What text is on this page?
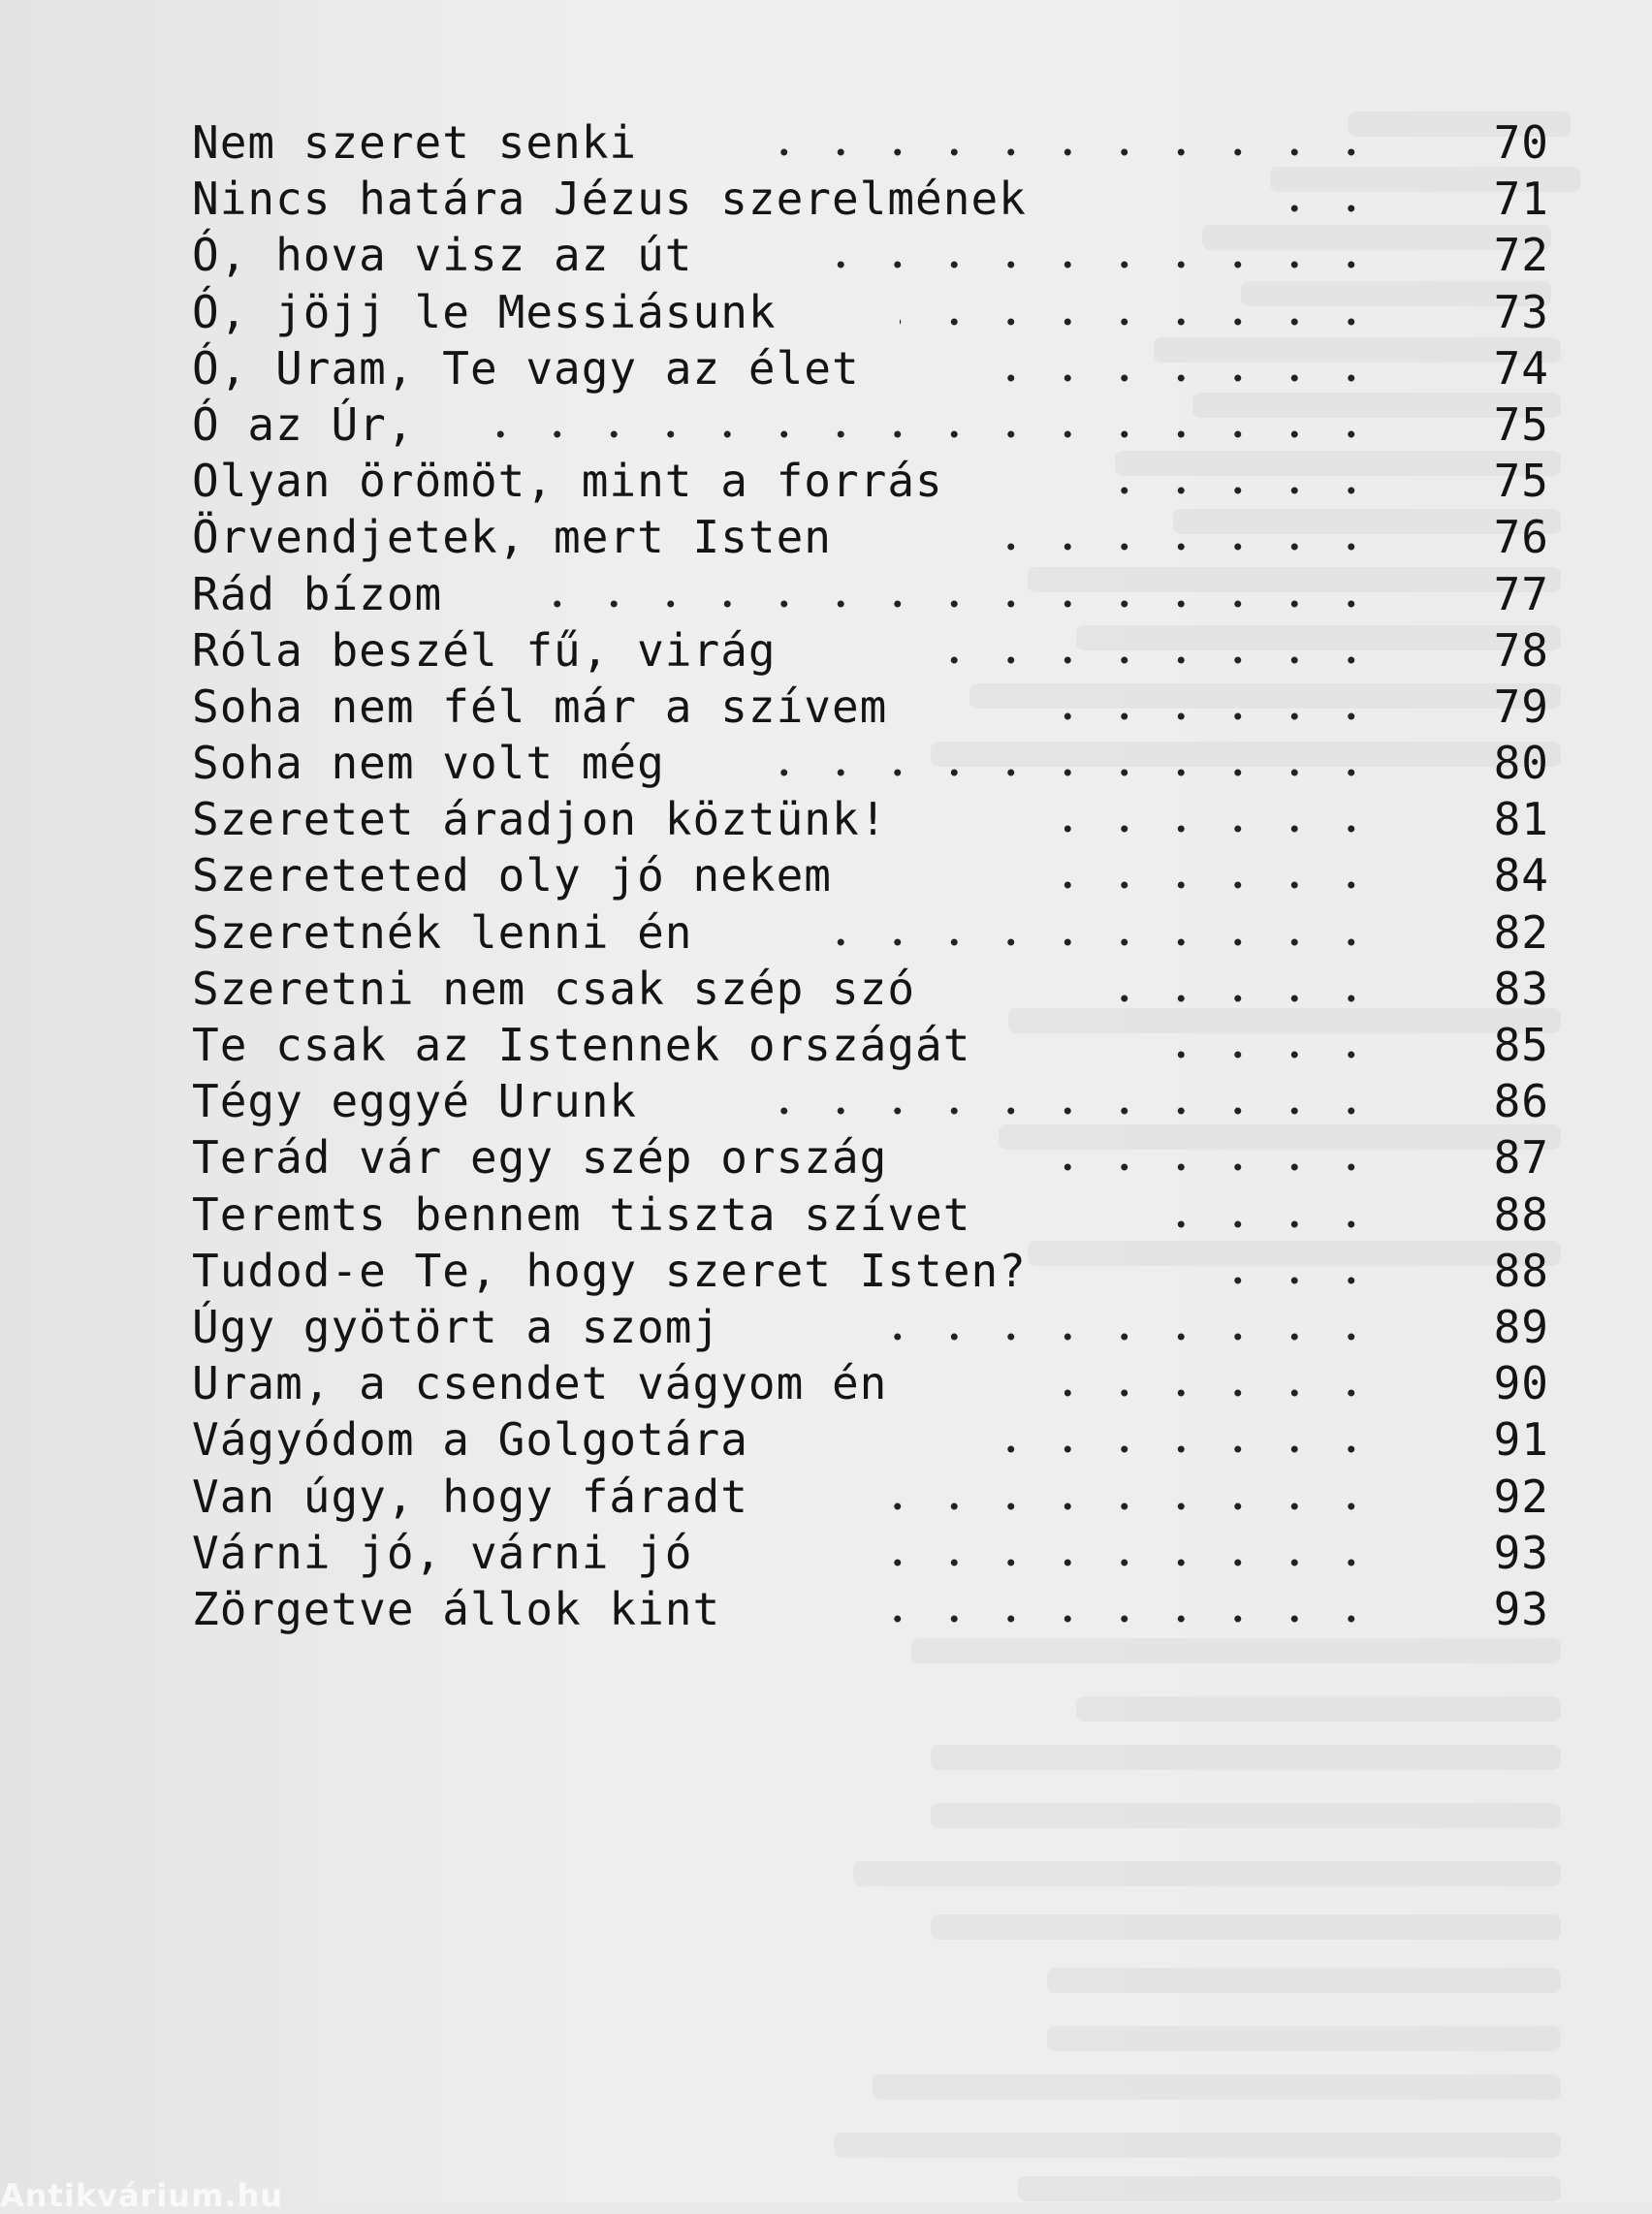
Nem szeret senki	70
Nincs határa Jézus szerelmének	71
Ó, hova visz az út	72
Ó, jöjj le Messiásunk	73
Ó, Uram, Te vagy az élet	74
Ó az Úr,	75
Olyan örömöt, mint a forrás	75
Örvendjetek, mert Isten	76
Rád bízom	77
Róla beszél fű, virág	78
Soha nem fél már a szívem	79
Soha nem volt még	80
Szeretet áradjon köztünk!	81
Szereteted oly jó nekem	84
Szeretnék lenni én	82
Szeretni nem csak szép szó	83
Te csak az Istennek országát	85
Tégy eggyé Urunk	86
Terád vár egy szép ország	87
Teremts bennem tiszta szívet	88
Tudod-e Te, hogy szeret Isten?	88
Úgy gyötört a szomj	89
Uram, a csendet vágyom én	90
Vágyódom a Golgotára	91
Van úgy, hogy fáradt	92
Várni jó, várni jó	93
Zörgetve állok kint	93
Antikvárium.hu
